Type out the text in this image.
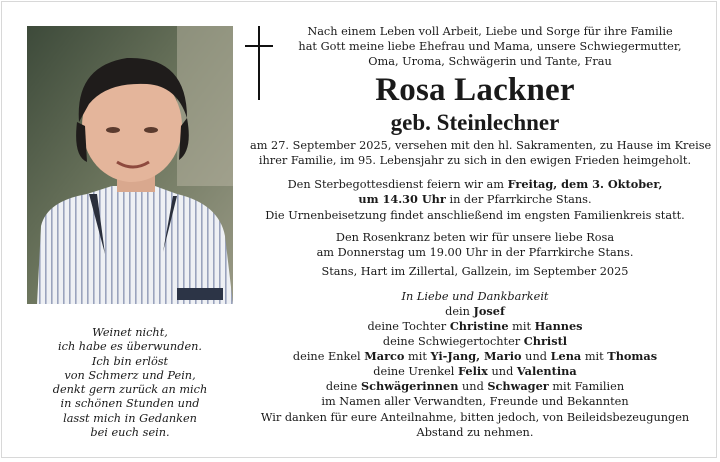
Weinet nicht,
ich habe es überwunden.
Ich bin erlöst
von Schmerz und Pein,
denkt gern zurück an mich
in schönen Stunden und
lasst mich in Gedanken
bei euch sein.
Nach einem Leben voll Arbeit, Liebe und Sorge für ihre Familie
hat Gott meine liebe Ehefrau und Mama, unsere Schwiegermutter,
Oma, Uroma, Schwägerin und Tante, Frau
Rosa Lackner
geb. Steinlechner
am 27. September 2025, versehen mit den hl. Sakramenten, zu Hause im Kreise
ihrer Familie, im 95. Lebensjahr zu sich in den ewigen Frieden heimgeholt.
Den Sterbegottesdienst feiern wir am Freitag, dem 3. Oktober,
um 14.30 Uhr in der Pfarrkirche Stans.
Die Urnenbeisetzung findet anschließend im engsten Familienkreis statt.
Den Rosenkranz beten wir für unsere liebe Rosa
am Donnerstag um 19.00 Uhr in der Pfarrkirche Stans.
Stans, Hart im Zillertal, Gallzein, im September 2025
In Liebe und Dankbarkeit
dein Josef
deine Tochter Christine mit Hannes
deine Schwiegertochter Christl
deine Enkel Marco mit Yi-Jang, Mario und Lena mit Thomas
deine Urenkel Felix und Valentina
deine Schwägerinnen und Schwager mit Familien
im Namen aller Verwandten, Freunde und Bekannten
Wir danken für eure Anteilnahme, bitten jedoch, von Beileidsbezeugungen
Abstand zu nehmen.
